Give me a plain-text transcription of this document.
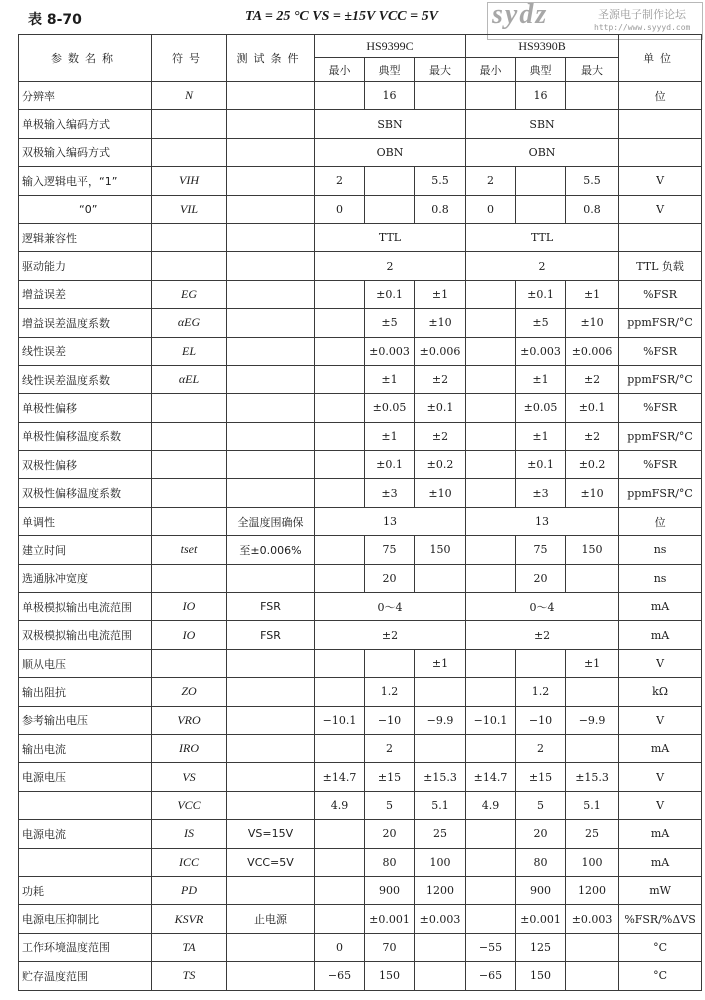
表 8-70	TA = 25 °C VS = ±15V VCC = 5V sydz	圣源电子制作论坛
http://www.syyyd.com
参数名称	符号	测试条件	HS9399C			HS9390B			单位
			最小	典型	最大	最小	典型	最大	
分辨率	N			16			16		位
单极输入编码方式			SBN			SBN			
双极输入编码方式			OBN			OBN			
输入逻辑电平，“1”	VIH		2		5.5	2		5.5	V
“0”	VIL		0		0.8	0		0.8	V
逻辑兼容性			TTL			TTL			
驱动能力			2			2			TTL 负载
增益误差	EG			±0.1	±1		±0.1	±1	%FSR
增益误差温度系数	αEG			±5	±10		±5	±10	ppmFSR/°C
线性误差	EL			±0.003	±0.006		±0.003	±0.006	%FSR
线性误差温度系数	αEL			±1	±2		±1	±2	ppmFSR/°C
单极性偏移				±0.05	±0.1		±0.05	±0.1	%FSR
单极性偏移温度系数				±1	±2		±1	±2	ppmFSR/°C
双极性偏移				±0.1	±0.2		±0.1	±0.2	%FSR
双极性偏移温度系数				±3	±10		±3	±10	ppmFSR/°C
单调性		全温度围确保	13			13			位
建立时间	tset	至±0.006%		75	150		75	150	ns
选通脉冲宽度				20			20		ns
单极模拟输出电流范围	IO	FSR	0～4			0～4			mA
双极模拟输出电流范围	IO	FSR	±2			±2			mA
顺从电压					±1			±1	V
输出阻抗	ZO			1.2			1.2		kΩ
参考输出电压	VRO		−10.1	−10	−9.9	−10.1	−10	−9.9	V
输出电流	IRO			2			2		mA
电源电压	VS		±14.7	±15	±15.3	±14.7	±15	±15.3	V
	VCC		4.9	5	5.1	4.9	5	5.1	V
电源电流	IS	VS=15V		20	25		20	25	mA
	ICC	VCC=5V		80	100		80	100	mA
功耗	PD			900	1200		900	1200	mW
电源电压抑制比	KSVR	止电源		±0.001	±0.003		±0.001	±0.003	%FSR/%ΔVS
工作环境温度范围	TA		0	70		−55	125		°C
贮存温度范围	TS		−65	150		−65	150		°C
